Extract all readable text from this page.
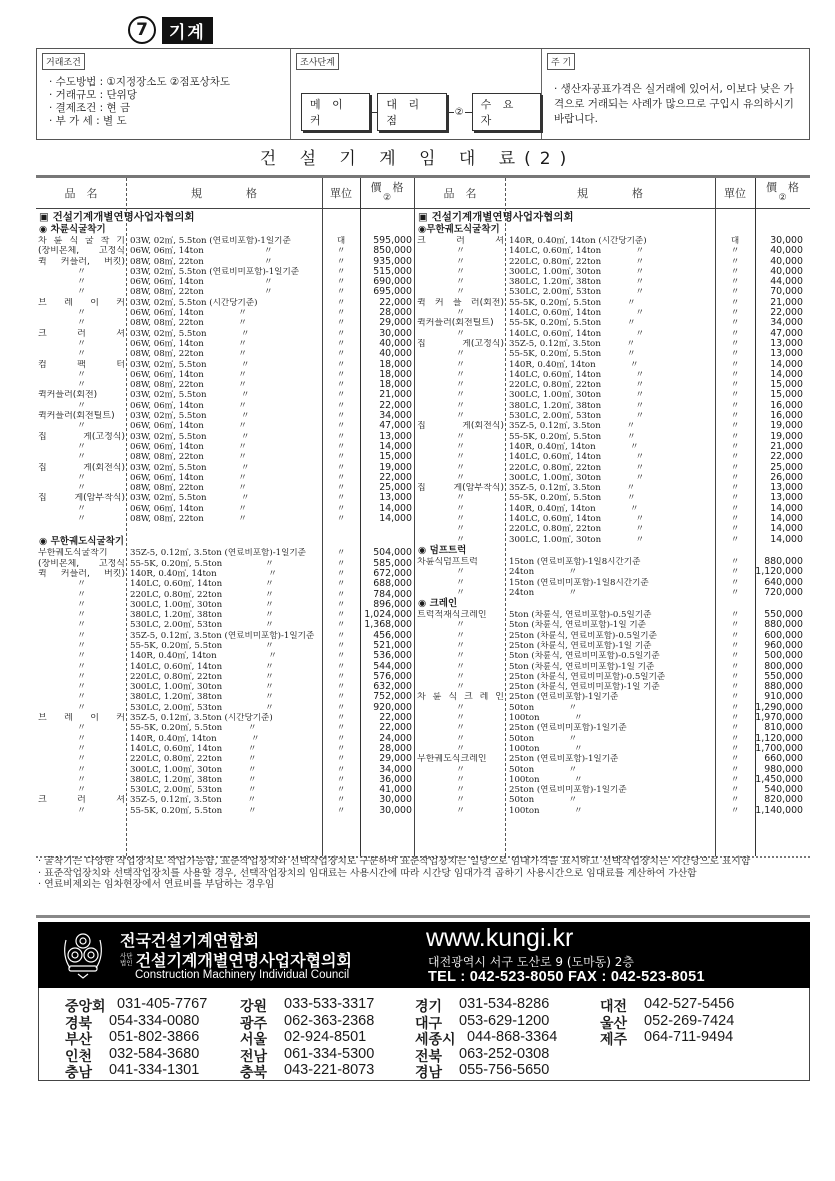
7	기계
거래조건
· 수도방법 : ①지정장소도 ②점포상차도
· 거래규모 : 단위당
· 결제조건 : 현 금
· 부 가 세 : 별 도
조사단계
메 이 커
대 리 점
②
수 요 자
주 기
· 생산자공표가격은 실거래에 있어서, 이보다 낮은 가격으로 거래되는 사례가 많으므로 구입시 유의하시기 바랍니다.
건 설 기 계 임 대 료(2)
品　名	規　　　　格	單位	價　格
②
▣ 건설기계개별연명사업자협의회
◉ 차륜식굴착기
차 륜 식 굴 착 기 03W, 02㎥, 5.5ton (연료비포함)-1일기준	대	595,000
(장비본체, 고정식 06W, 06㎥, 14ton　　　　　　　〃	〃	850,000
퀵 커플러, 버킷) 08W, 08㎥, 22ton　　　　　　　〃	〃	935,000
〃	03W, 02㎥, 5.5ton (연료비미포함)-1일기준	〃	515,000
〃	06W, 06㎥, 14ton　　　　　　　〃	〃	690,000
〃	08W, 08㎥, 22ton　　　　　　　〃	〃	695,000
브 레 이 커 03W, 02㎥, 5.5ton (시간당기준)	〃	22,000
〃	06W, 06㎥, 14ton　　　　〃	〃	28,000
〃	08W, 08㎥, 22ton　　　　〃	〃	29,000
크 러 셔 03W, 02㎥, 5.5ton　　　　〃	〃	30,000
〃	06W, 06㎥, 14ton　　　　〃	〃	40,000
〃	08W, 08㎥, 22ton　　　　〃	〃	40,000
컴 팩 터 03W, 02㎥, 5.5ton　　　　〃	〃	18,000
〃	06W, 06㎥, 14ton　　　　〃	〃	18,000
〃	08W, 08㎥, 22ton　　　　〃	〃	18,000
퀵커플러(회전)	03W, 02㎥, 5.5ton　　　　〃	〃	21,000
〃	06W, 06㎥, 14ton　　　　〃	〃	22,000
퀵커플러(회전틸트)	03W, 02㎥, 5.5ton　　　　〃	〃	34,000
〃	06W, 06㎥, 14ton　　　　〃	〃	47,000
집 게(고정식) 03W, 02㎥, 5.5ton　　　　〃	〃	13,000
〃	06W, 06㎥, 14ton　　　　〃	〃	14,000
〃	08W, 08㎥, 22ton　　　　〃	〃	15,000
집 게(회전식) 03W, 02㎥, 5.5ton　　　　〃	〃	19,000
〃	06W, 06㎥, 14ton　　　　〃	〃	22,000
〃	08W, 08㎥, 22ton　　　　〃	〃	25,000
집 게(암부착식) 03W, 02㎥, 5.5ton　　　　〃	〃	13,000
〃	06W, 06㎥, 14ton　　　　〃	〃	14,000
〃	08W, 08㎥, 22ton　　　　〃	〃	14,000
◉ 무한궤도식굴착기
무한궤도식굴착기	35Z-5, 0.12㎥, 3.5ton (연료비포함)-1일기준	〃	504,000
(장비본체, 고정식 55-5K, 0.20㎥, 5.5ton　　　　　〃	〃	585,000
퀵 커플러, 버킷) 140R, 0.40㎥, 14ton　　　　　　〃	〃	672,000
〃	140LC, 0.60㎥, 14ton　　　　　〃	〃	688,000
〃	220LC, 0.80㎥, 22ton　　　　　〃	〃	784,000
〃	300LC, 1.00㎥, 30ton　　　　　〃	〃	896,000
〃	380LC, 1.20㎥, 38ton　　　　　〃	〃	1,024,000
〃	530LC, 2.00㎥, 53ton　　　　　〃	〃	1,368,000
〃	35Z-5, 0.12㎥, 3.5ton (연료비미포함)-1일기준	〃	456,000
〃	55-5K, 0.20㎥, 5.5ton　　　　　〃	〃	521,000
〃	140R, 0.40㎥, 14ton　　　　　　〃	〃	536,000
〃	140LC, 0.60㎥, 14ton　　　　　〃	〃	544,000
〃	220LC, 0.80㎥, 22ton　　　　　〃	〃	576,000
〃	300LC, 1.00㎥, 30ton　　　　　〃	〃	632,000
〃	380LC, 1.20㎥, 38ton　　　　　〃	〃	752,000
〃	530LC, 2.00㎥, 53ton　　　　　〃	〃	920,000
브 레 이 커 35Z-5, 0.12㎥, 3.5ton (시간당기준)	〃	22,000
〃	55-5K, 0.20㎥, 5.5ton　　　〃	〃	22,000
〃	140R, 0.40㎥, 14ton　　　　〃	〃	24,000
〃	140LC, 0.60㎥, 14ton　　　〃	〃	28,000
〃	220LC, 0.80㎥, 22ton　　　〃	〃	29,000
〃	300LC, 1.00㎥, 30ton　　　〃	〃	34,000
〃	380LC, 1.20㎥, 38ton　　　〃	〃	36,000
〃	530LC, 2.00㎥, 53ton　　　〃	〃	41,000
크 러 셔 35Z-5, 0.12㎥, 3.5ton　　　〃	〃	30,000
〃	55-5K, 0.20㎥, 5.5ton　　　〃	〃	30,000
品　名	規　　　　格	單位	價　格
②
▣ 건설기계개별연명사업자협의회
◉무한궤도식굴착기
크 러 셔 140R, 0.40㎥, 14ton (시간당기준)	대	30,000
〃	140LC, 0.60㎥, 14ton　　　　〃	〃	40,000
〃	220LC, 0.80㎥, 22ton　　　　〃	〃	40,000
〃	300LC, 1.00㎥, 30ton　　　　〃	〃	40,000
〃	380LC, 1.20㎥, 38ton　　　　〃	〃	44,000
〃	530LC, 2.00㎥, 53ton　　　　〃	〃	70,000
퀵 커 플 러(회전) 55-5K, 0.20㎥, 5.5ton　　　〃	〃	21,000
〃	140LC, 0.60㎥, 14ton　　　　〃	〃	22,000
퀵커플러(회전틸트)	55-5K, 0.20㎥, 5.5ton　　　〃	〃	34,000
〃	140LC, 0.60㎥, 14ton　　　　〃	〃	47,000
집 게(고정식) 35Z-5, 0.12㎥, 3.5ton　　　〃	〃	13,000
〃	55-5K, 0.20㎥, 5.5ton　　　〃	〃	13,000
〃	140R, 0.40㎥, 14ton　　　　〃	〃	14,000
〃	140LC, 0.60㎥, 14ton　　　　〃	〃	14,000
〃	220LC, 0.80㎥, 22ton　　　　〃	〃	15,000
〃	300LC, 1.00㎥, 30ton　　　　〃	〃	15,000
〃	380LC, 1.20㎥, 38ton　　　　〃	〃	16,000
〃	530LC, 2.00㎥, 53ton　　　　〃	〃	16,000
집 게(회전식) 35Z-5, 0.12㎥, 3.5ton　　　〃	〃	19,000
〃	55-5K, 0.20㎥, 5.5ton　　　〃	〃	19,000
〃	140R, 0.40㎥, 14ton　　　　〃	〃	21,000
〃	140LC, 0.60㎥, 14ton　　　　〃	〃	22,000
〃	220LC, 0.80㎥, 22ton　　　　〃	〃	25,000
〃	300LC, 1.00㎥, 30ton　　　　〃	〃	26,000
집 게(암부착식) 35Z-5, 0.12㎥, 3.5ton　　　〃	〃	13,000
〃	55-5K, 0.20㎥, 5.5ton　　　〃	〃	13,000
〃	140R, 0.40㎥, 14ton　　　　〃	〃	14,000
〃	140LC, 0.60㎥, 14ton　　　　〃	〃	14,000
〃	220LC, 0.80㎥, 22ton　　　　〃	〃	14,000
〃	300LC, 1.00㎥, 30ton　　　　〃	〃	14,000
◉ 덤프트럭
차륜식덤프트럭	15ton (연료비포함)-1일8시간기준	〃	880,000
〃	24ton　　　　〃	〃	1,120,000
〃	15ton (연료비미포함)-1일8시간기준	〃	640,000
〃	24ton　　　　〃	〃	720,000
◉ 크레인
트럭적재식크레인	5ton (차륜식, 연료비포함)-0.5일기준	〃	550,000
〃	5ton (차륜식, 연료비포함)-1일 기준	〃	880,000
〃	25ton (차륜식, 연료비포함)-0.5일기준	〃	600,000
〃	25ton (차륜식, 연료비포함)-1일 기준	〃	960,000
〃	5ton (차륜식, 연료비미포함)-0.5일기준	〃	500,000
〃	5ton (차륜식, 연료비미포함)-1일 기준	〃	800,000
〃	25ton (차륜식, 연료비미포함)-0.5일기준	〃	550,000
〃	25ton (차륜식, 연료비미포함)-1일 기준	〃	880,000
차 륜 식 크 레 인 25ton (연료비포함)-1일기준	〃	910,000
〃	50ton　　　　〃	〃	1,290,000
〃	100ton　　　　〃	〃	1,970,000
〃	25ton (연료비미포함)-1일기준	〃	810,000
〃	50ton　　　　〃	〃	1,120,000
〃	100ton　　　　〃	〃	1,700,000
무한궤도식크레인	25ton (연료비포함)-1일기준	〃	660,000
〃	50ton　　　　〃	〃	980,000
〃	100ton　　　　〃	〃	1,450,000
〃	25ton (연료비미포함)-1일기준	〃	540,000
〃	50ton　　　　〃	〃	820,000
〃	100ton　　　　〃	〃	1,140,000
· 굴착기는 다양한 작업장치로 작업가능함, 표준작업장치와 선택작업장치로 구분하여 표준작업장치는 일당으로 임대가격을 표시하고 선택작업장치는 시간당으로 표시함
· 표준작업장치와 선택작업장치를 사용할 경우, 선택작업장치의 임대료는 사용시간에 따라 시간당 임대가격 곱하기 사용시간으로 임대료를 계산하여 가산함
· 연료비제외는 임차현장에서 연료비를 부담하는 경우임
전국건설기계연합회
사단
법인 건설기계개별연명사업자협의회
Construction Machinery Individual Council
www.kungi.kr
대전광역시 서구 도산로 9 (도마동) 2층
TEL : 042-523-8050 FAX : 042-523-8051
중앙회 031-405-7767
경북	054-334-0080
부산	051-802-3866
인천	032-584-3680
충남	041-334-1301
강원	033-533-3317
광주	062-363-2368
서울	02-924-8501
전남	061-334-5300
충북	043-221-8073
경기	031-534-8286
대구	053-629-1200
세종시 044-868-3364
전북	063-252-0308
경남	055-756-5650
대전	042-527-5456
울산	052-269-7424
제주	064-711-9494
